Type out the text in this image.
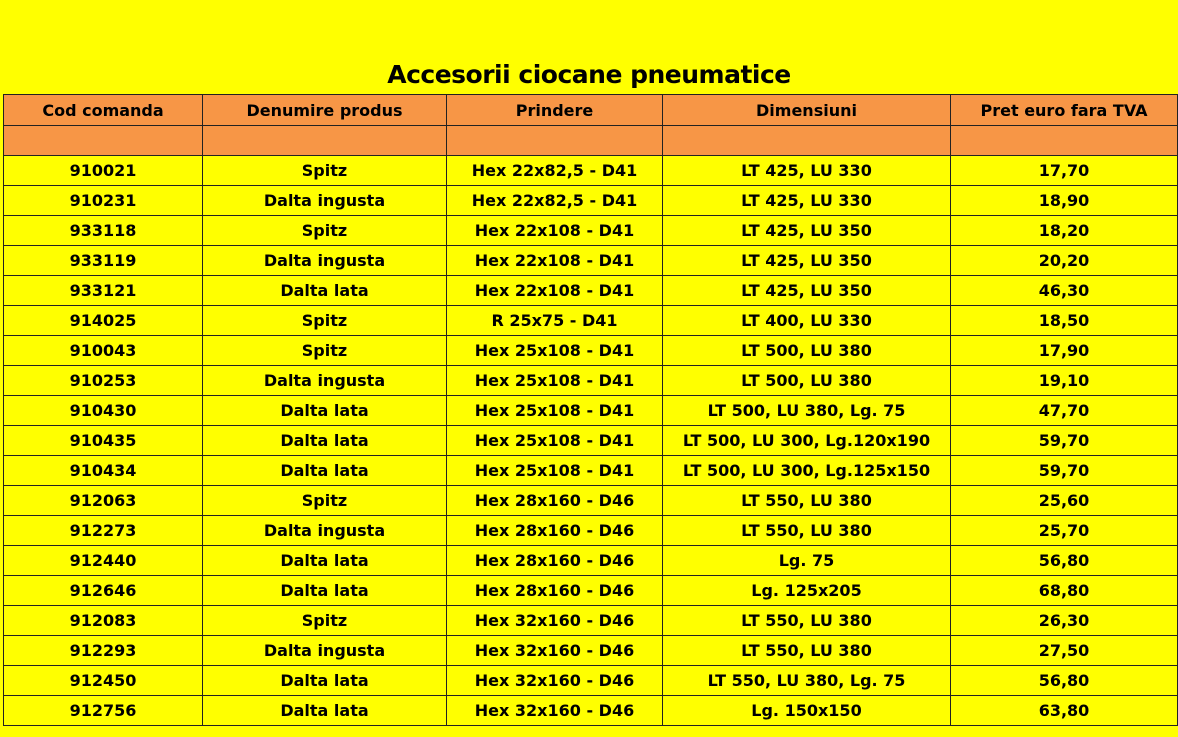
Accesorii ciocane pneumatice
Cod comanda	Denumire produs	Prindere	Dimensiuni	Pret euro fara TVA

910021	Spitz	Hex 22x82,5 - D41	LT 425, LU 330	17,70
910231	Dalta ingusta	Hex 22x82,5 - D41	LT 425, LU 330	18,90
933118	Spitz	Hex 22x108 - D41	LT 425, LU 350	18,20
933119	Dalta ingusta	Hex 22x108 - D41	LT 425, LU 350	20,20
933121	Dalta lata	Hex 22x108 - D41	LT 425, LU 350	46,30
914025	Spitz	R 25x75 - D41	LT 400, LU 330	18,50
910043	Spitz	Hex 25x108 - D41	LT 500, LU 380	17,90
910253	Dalta ingusta	Hex 25x108 - D41	LT 500, LU 380	19,10
910430	Dalta lata	Hex 25x108 - D41	LT 500, LU 380, Lg. 75	47,70
910435	Dalta lata	Hex 25x108 - D41	LT 500, LU 300, Lg.120x190	59,70
910434	Dalta lata	Hex 25x108 - D41	LT 500, LU 300, Lg.125x150	59,70
912063	Spitz	Hex 28x160 - D46	LT 550, LU 380	25,60
912273	Dalta ingusta	Hex 28x160 - D46	LT 550, LU 380	25,70
912440	Dalta lata	Hex 28x160 - D46	Lg. 75	56,80
912646	Dalta lata	Hex 28x160 - D46	Lg. 125x205	68,80
912083	Spitz	Hex 32x160 - D46	LT 550, LU 380	26,30
912293	Dalta ingusta	Hex 32x160 - D46	LT 550, LU 380	27,50
912450	Dalta lata	Hex 32x160 - D46	LT 550, LU 380, Lg. 75	56,80
912756	Dalta lata	Hex 32x160 - D46	Lg. 150x150	63,80
